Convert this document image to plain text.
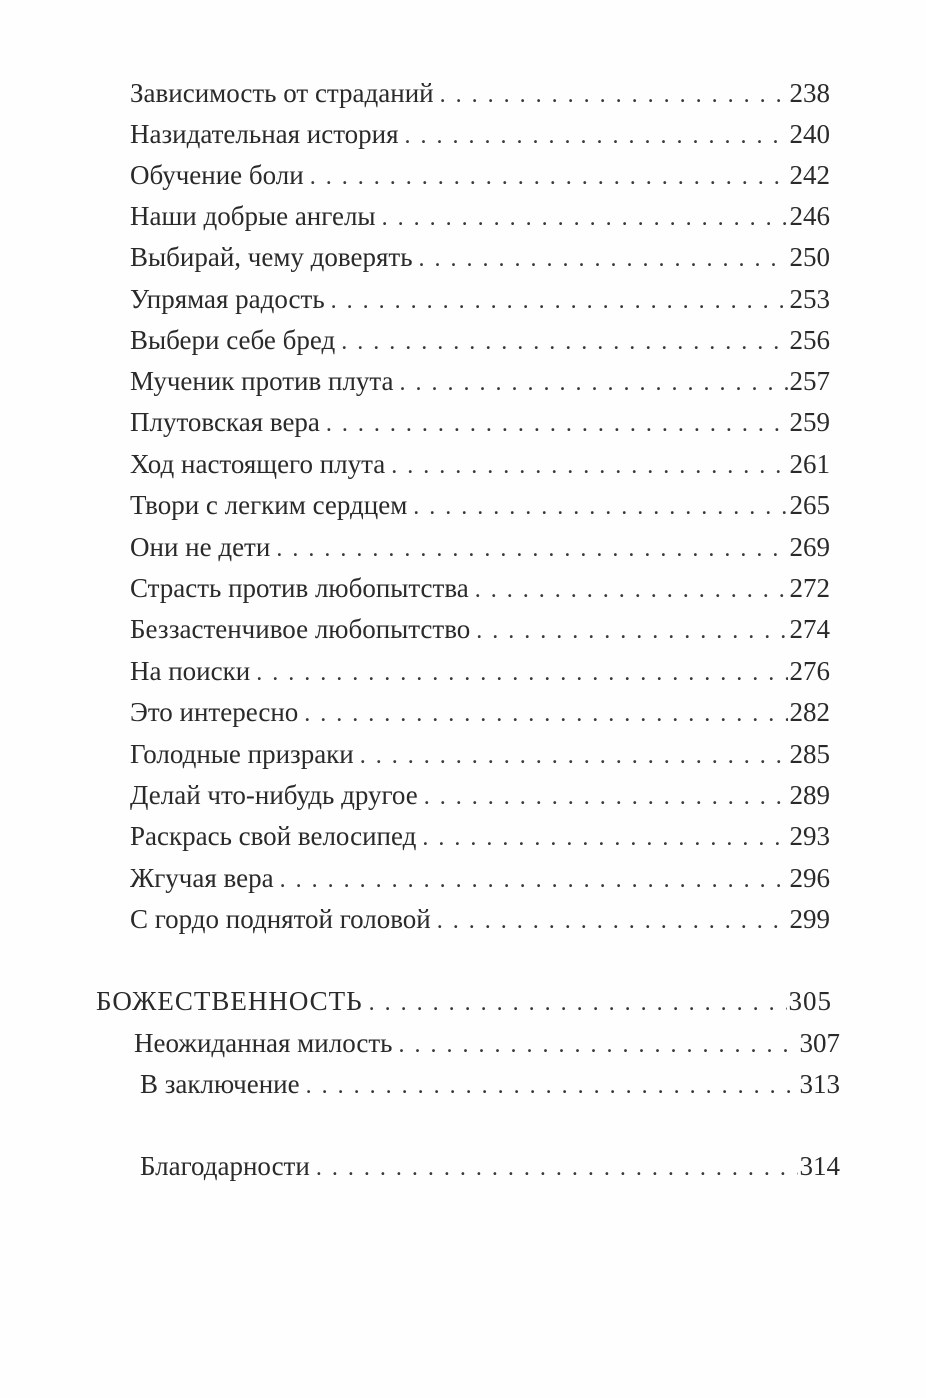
Зависимость от страданий . . .	238
Назидательная история . . .	240
Обучение боли . . .	242
Наши добрые ангелы . . .	246
Выбирай, чему доверять . . .	250
Упрямая радость . . .	253
Выбери себе бред . . .	256
Мученик против плута . . .	257
Плутовская вера . . .	259
Ход настоящего плута . . .	261
Твори с легким сердцем . . .	265
Они не дети . . .	269
Страсть против любопытства . . .	272
Беззастенчивое любопытство . . .	274
На поиски . . .	276
Это интересно . . .	282
Голодные призраки . . .	285
Делай что-нибудь другое . . .	289
Раскрась свой велосипед . . .	293
Жгучая вера . . .	296
С гордо поднятой головой . . .	299
БОЖЕСТВЕННОСТЬ . . .	305
Неожиданная милость . . .	307
В заключение . . .	313
Благодарности . . .	314
